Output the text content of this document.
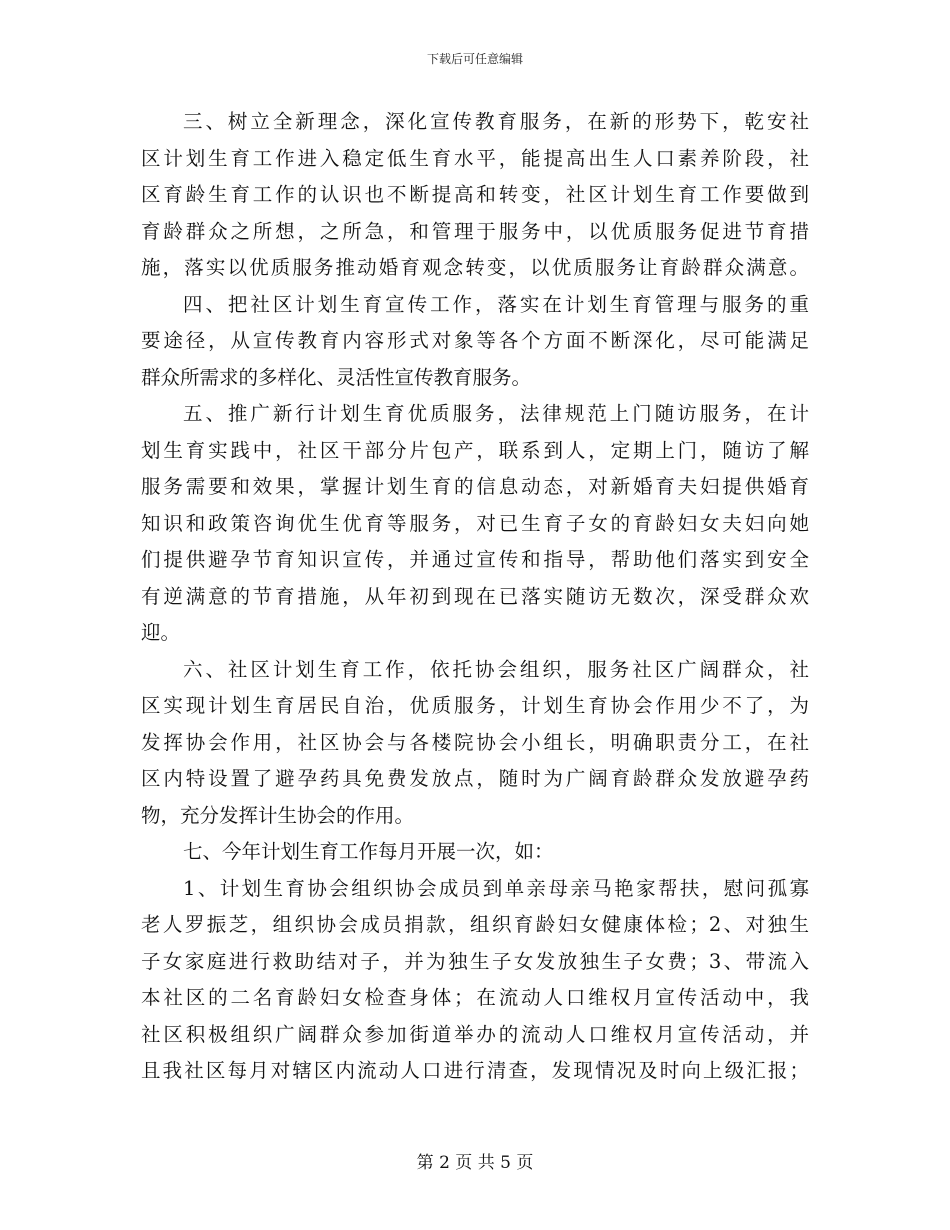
下载后可任意编辑
三、树立全新理念，深化宣传教育服务，在新的形势下，乾安社
区计划生育工作进入稳定低生育水平，能提高出生人口素养阶段，社
区育龄生育工作的认识也不断提高和转变，社区计划生育工作要做到
育龄群众之所想，之所急，和管理于服务中，以优质服务促进节育措
施，落实以优质服务推动婚育观念转变，以优质服务让育龄群众满意。
四、把社区计划生育宣传工作，落实在计划生育管理与服务的重
要途径，从宣传教育内容形式对象等各个方面不断深化，尽可能满足
群众所需求的多样化、灵活性宣传教育服务。
五、推广新行计划生育优质服务，法律规范上门随访服务，在计
划生育实践中，社区干部分片包产，联系到人，定期上门，随访了解
服务需要和效果，掌握计划生育的信息动态，对新婚育夫妇提供婚育
知识和政策咨询优生优育等服务，对已生育子女的育龄妇女夫妇向她
们提供避孕节育知识宣传，并通过宣传和指导，帮助他们落实到安全
有逆满意的节育措施，从年初到现在已落实随访无数次，深受群众欢
迎。
六、社区计划生育工作，依托协会组织，服务社区广阔群众，社
区实现计划生育居民自治，优质服务，计划生育协会作用少不了，为
发挥协会作用，社区协会与各楼院协会小组长，明确职责分工，在社
区内特设置了避孕药具免费发放点，随时为广阔育龄群众发放避孕药
物，充分发挥计生协会的作用。
七、今年计划生育工作每月开展一次，如：
1、计划生育协会组织协会成员到单亲母亲马艳家帮扶，慰问孤寡
老人罗振芝，组织协会成员捐款，组织育龄妇女健康体检；2、对独生
子女家庭进行救助结对子，并为独生子女发放独生子女费；3、带流入
本社区的二名育龄妇女检查身体；在流动人口维权月宣传活动中，我
社区积极组织广阔群众参加街道举办的流动人口维权月宣传活动，并
且我社区每月对辖区内流动人口进行清查，发现情况及时向上级汇报；
第 2 页 共 5 页
